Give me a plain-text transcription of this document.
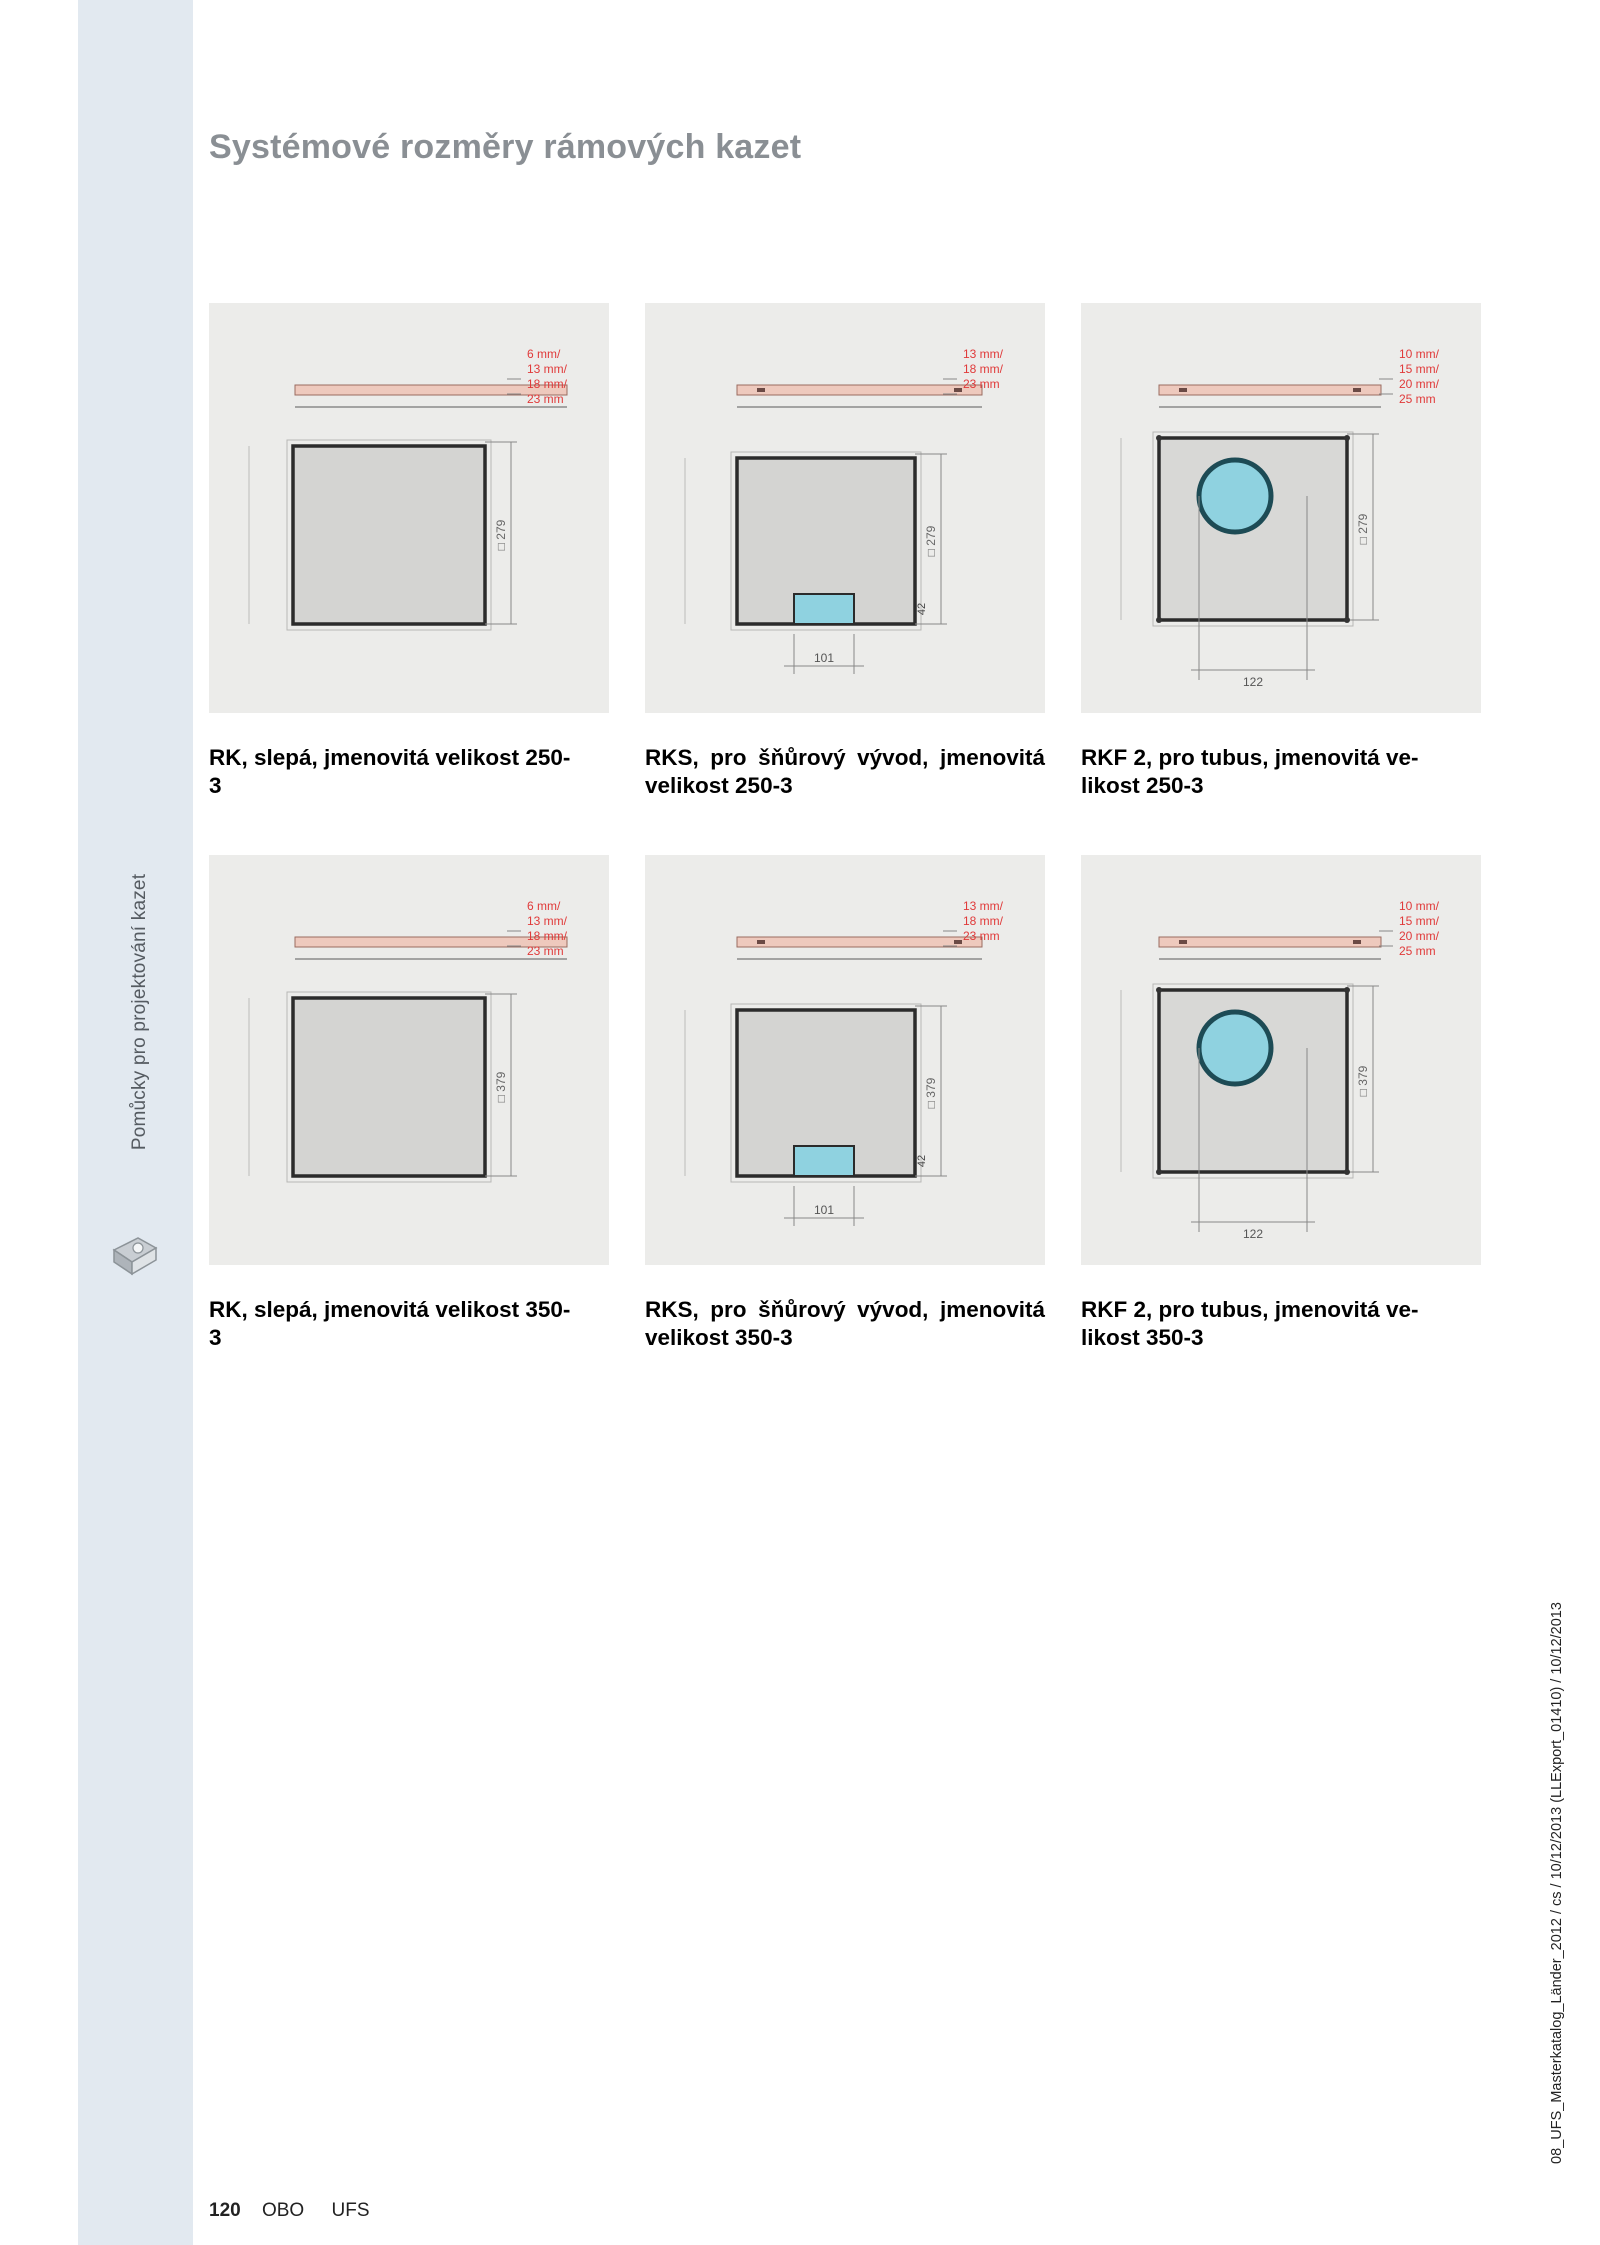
Pomůcky pro projektování kazet
Systémové rozměry rámových kazet
6 mm/
13 mm/
18 mm/
23 mm
□ 279
RK, slepá, jmenovitá velikost 250-
3
13 mm/
18 mm/
23 mm
□ 279
42
101
RKS, pro šňůrový vývod, jmenovitá velikost 250-3
10 mm/
15 mm/
20 mm/
25 mm
□ 279
122
RKF 2, pro tubus, jmenovitá ve-
likost 250-3
6 mm/
13 mm/
18 mm/
23 mm
□ 379
RK, slepá, jmenovitá velikost 350-
3
13 mm/
18 mm/
23 mm
□ 379
42
101
RKS, pro šňůrový vývod, jmenovitá velikost 350-3
10 mm/
15 mm/
20 mm/
25 mm
□ 379
122
RKF 2, pro tubus, jmenovitá ve-
likost 350-3
120 OBO UFS
08_UFS_Masterkatalog_Länder_2012 / cs / 10/12/2013 (LLExport_01410) / 10/12/2013
